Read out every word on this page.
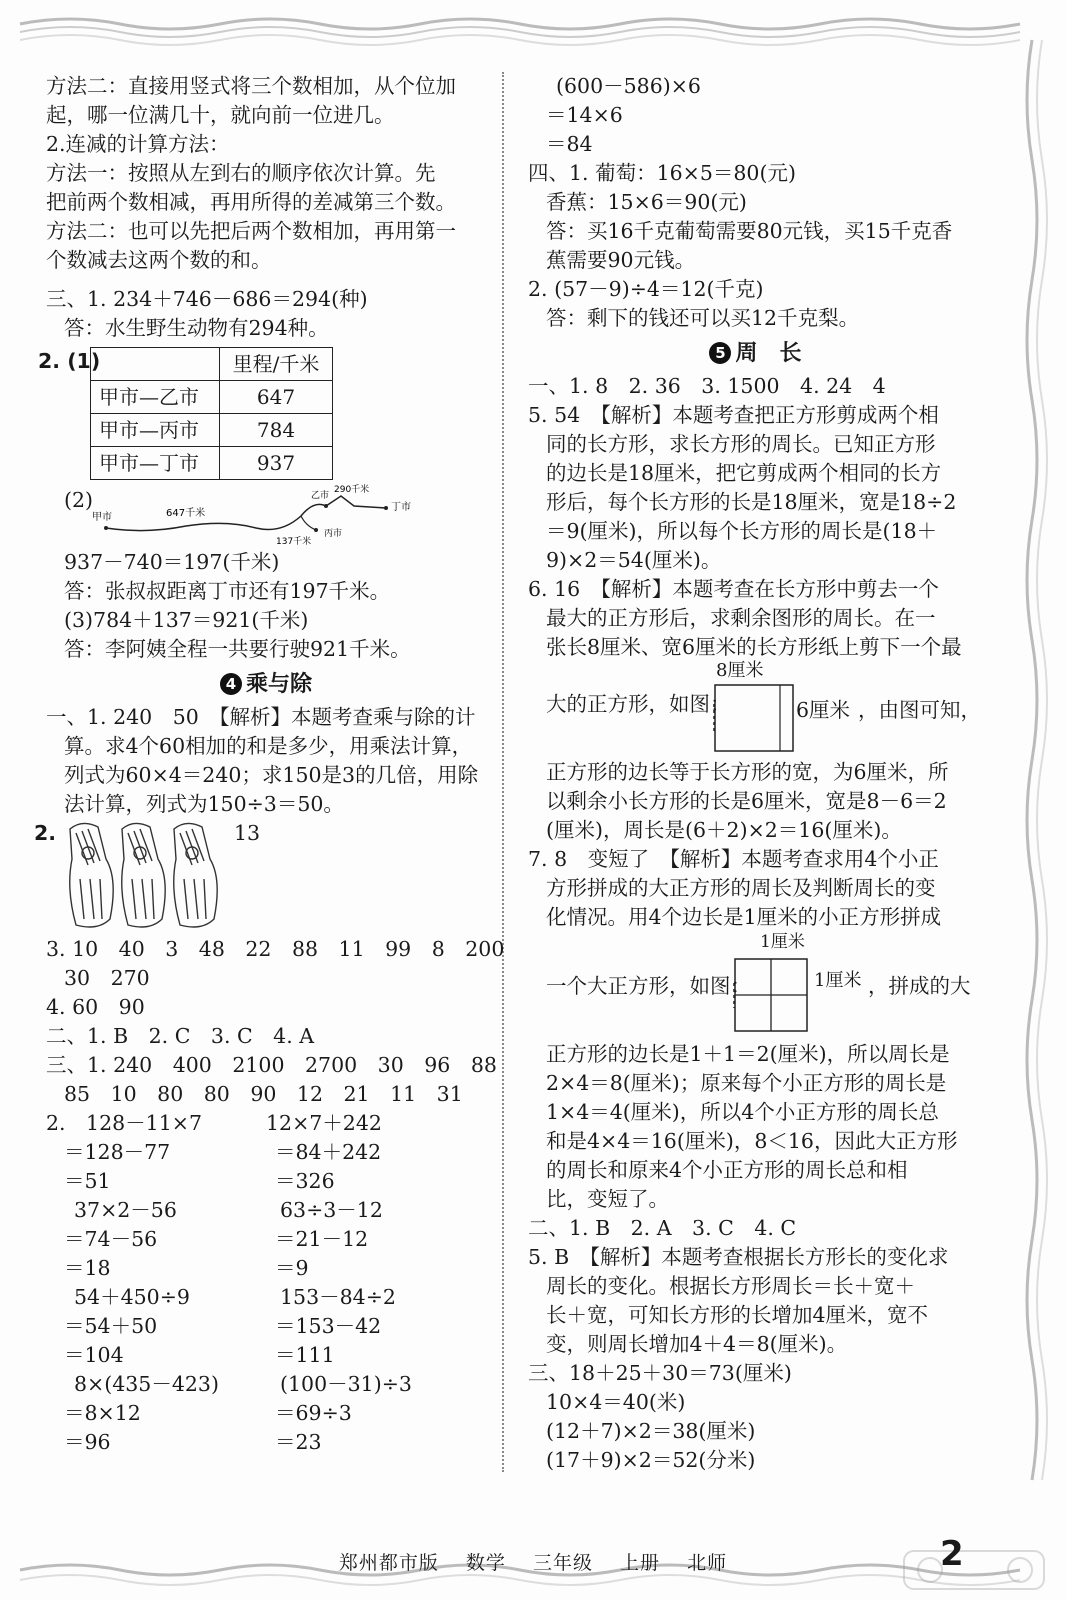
方法二：直接用竖式将三个数相加，从个位加
起，哪一位满几十，就向前一位进几。
2.连减的计算方法：
方法一：按照从左到右的顺序依次计算。先
把前两个数相减，再用所得的差减第三个数。
方法二：也可以先把后两个数相加，再用第一
个数减去这两个数的和。
三、1. 234＋746－686＝294(种)
答：水生野生动物有294种。
2. (1)
		里程/千米
甲市—乙市	647
甲市—丙市	784
甲市—丁市	937
(2)
甲市	647千米
乙市
290千米
丁市
137千米
丙市
937－740＝197(千米)
答：张叔叔距离丁市还有197千米。
(3)784＋137＝921(千米)
答：李阿姨全程一共要行驶921千米。
4 乘与除
一、1. 240　50　【解析】本题考查乘与除的计
算。求4个60相加的和是多少，用乘法计算，
列式为60×4＝240；求150是3的几倍，用除
法计算，列式为150÷3＝50。
2.	13
3. 10　40　3　48　22　88　11　99　8　200
30　270
4. 60　90
二、1. B　2. C　3. C　4. A
三、1. 240　400　2100　2700　30　96　88
85　10　80　80　90　12　21　11　31
2.　128－11×7	12×7＋242
＝128－77	＝84＋242
＝51	＝326
37×2－56	63÷3－12
＝74－56	＝21－12
＝18	＝9
54＋450÷9	153－84÷2
＝54＋50	＝153－42
＝104	＝111
8×(435－423)	(100－31)÷3
＝8×12	＝69÷3
＝96	＝23
(600－586)×6
＝14×6
＝84
四、1. 葡萄：16×5＝80(元)
香蕉：15×6＝90(元)
答：买16千克葡萄需要80元钱，买15千克香
蕉需要90元钱。
2. (57－9)÷4＝12(千克)
答：剩下的钱还可以买12千克梨。
5 周　长
一、1. 8　2. 36　3. 1500　4. 24　4
5. 54　【解析】本题考查把正方形剪成两个相
同的长方形，求长方形的周长。已知正方形
的边长是18厘米，把它剪成两个相同的长方
形后，每个长方形的长是18厘米，宽是18÷2
＝9(厘米)，所以每个长方形的周长是(18＋
9)×2＝54(厘米)。
6. 16　【解析】本题考查在长方形中剪去一个
最大的正方形后，求剩余图形的周长。在一
张长8厘米、宽6厘米的长方形纸上剪下一个最
8厘米
大的正方形，如图：	6厘米 ，由图可知，
正方形的边长等于长方形的宽，为6厘米，所
以剩余小长方形的长是6厘米，宽是8－6＝2
(厘米)，周长是(6＋2)×2＝16(厘米)。
7. 8　变短了　【解析】本题考查求用4个小正
方形拼成的大正方形的周长及判断周长的变
化情况。用4个边长是1厘米的小正方形拼成
1厘米
一个大正方形，如图：	1厘米 ，拼成的大
正方形的边长是1＋1＝2(厘米)，所以周长是
2×4＝8(厘米)；原来每个小正方形的周长是
1×4＝4(厘米)，所以4个小正方形的周长总
和是4×4＝16(厘米)，8＜16，因此大正方形
的周长和原来4个小正方形的周长总和相
比，变短了。
二、1. B　2. A　3. C　4. C
5. B　【解析】本题考查根据长方形长的变化求
周长的变化。根据长方形周长＝长＋宽＋
长＋宽，可知长方形的长增加4厘米，宽不
变，则周长增加4＋4＝8(厘米)。
三、18＋25＋30＝73(厘米)
10×4＝40(米)
(12＋7)×2＝38(厘米)
(17＋9)×2＝52(分米)
郑州都市版 数学 三年级 上册 北师	2
